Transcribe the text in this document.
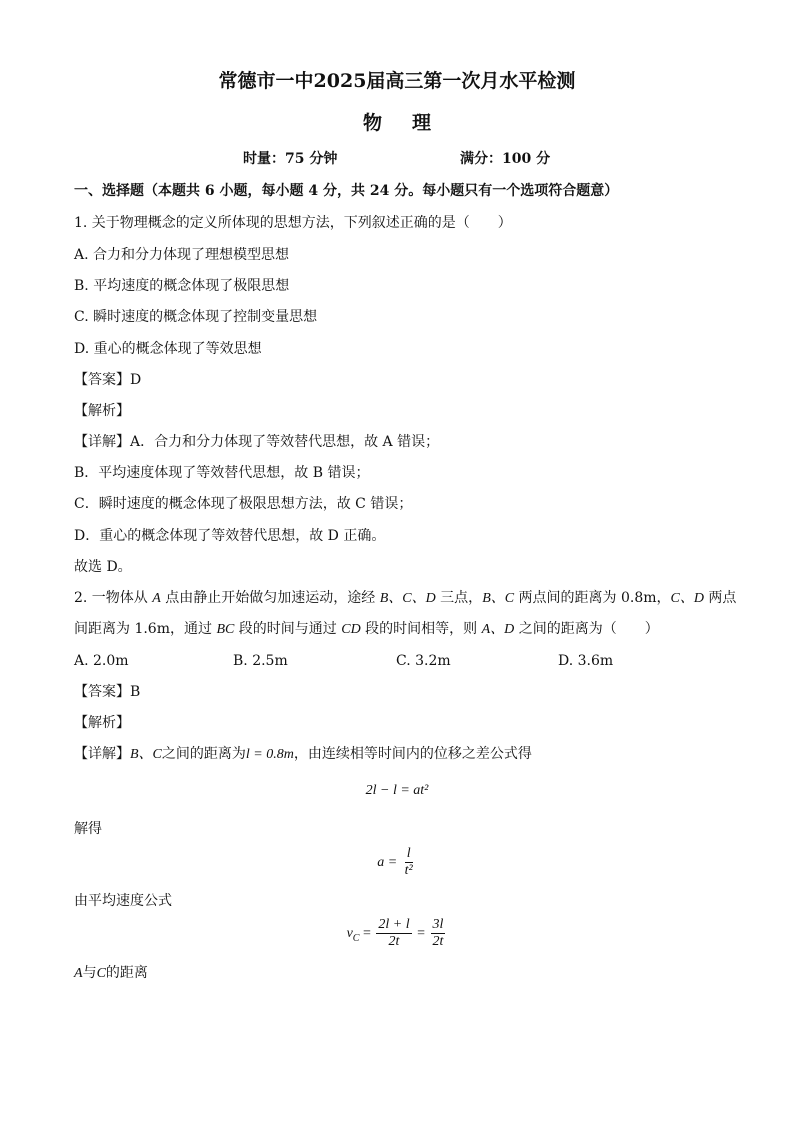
常德市一中2025届高三第一次月水平检测
物理
时量：75 分钟	满分：100 分
一、选择题（本题共 6 小题，每小题 4 分，共 24 分。每小题只有一个选项符合题意）
1. 关于物理概念的定义所体现的思想方法，下列叙述正确的是（　　）
A. 合力和分力体现了理想模型思想
B. 平均速度的概念体现了极限思想
C. 瞬时速度的概念体现了控制变量思想
D. 重心的概念体现了等效思想
【答案】D
【解析】
【详解】A．合力和分力体现了等效替代思想，故 A 错误；
B．平均速度体现了等效替代思想，故 B 错误；
C．瞬时速度的概念体现了极限思想方法，故 C 错误；
D．重心的概念体现了等效替代思想，故 D 正确。
故选 D。
2. 一物体从 A 点由静止开始做匀加速运动，途经 B、C、D 三点，B、C 两点间的距离为 0.8m，C、D 两点
间距离为 1.6m，通过 BC 段的时间与通过 CD 段的时间相等，则 A、D 之间的距离为（　　）
A. 2.0m	B. 2.5m	C. 3.2m	D. 3.6m
【答案】B
【解析】
【详解】B、C之间的距离为l = 0.8m，由连续相等时间内的位移之差公式得
2l − l = at²
解得
$a = \frac{l}{\text{t²}}$
由平均速度公式
$v_C = \frac{2l + l}{2t} = \frac{3l}{2t}$
A与C的距离
